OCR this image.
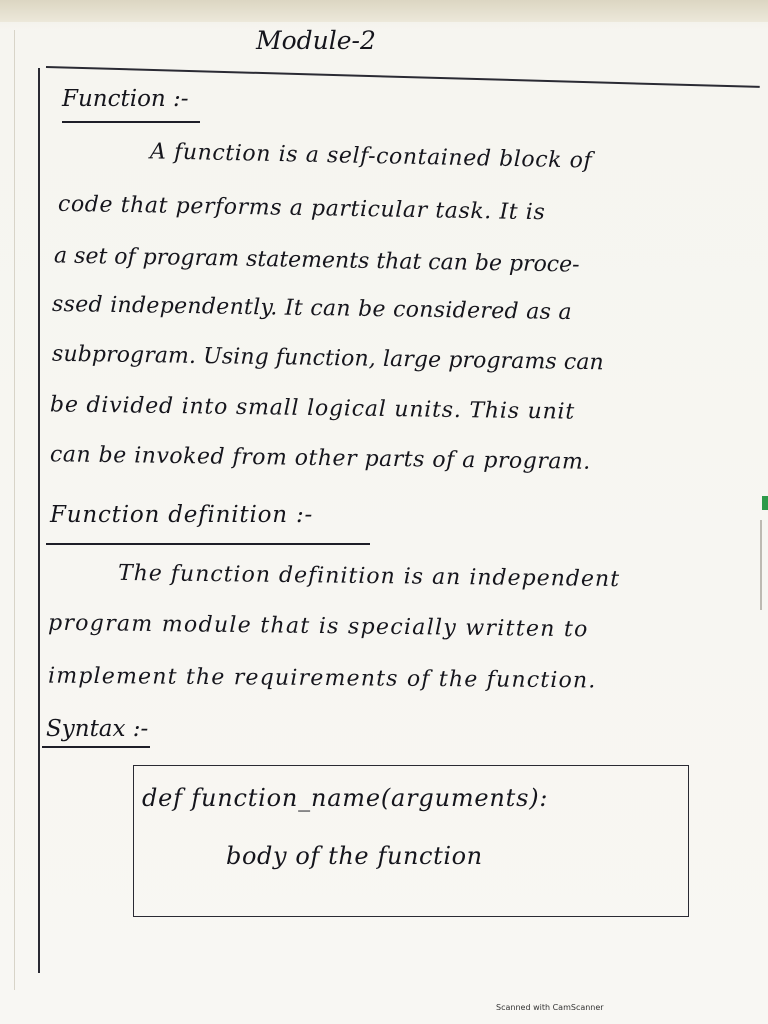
Module-2
Function :-
A function is a self-contained block of
code that performs a particular task. It is
a set of program statements that can be proce-
ssed independently. It can be considered as a
subprogram. Using function, large programs can
be divided into small logical units. This unit
can be invoked from other parts of a program.
Function definition :-
The function definition is an independent
program module that is specially written to
implement the requirements of the function.
Syntax :-
def function_name(arguments):
body of the function
Scanned with CamScanner
